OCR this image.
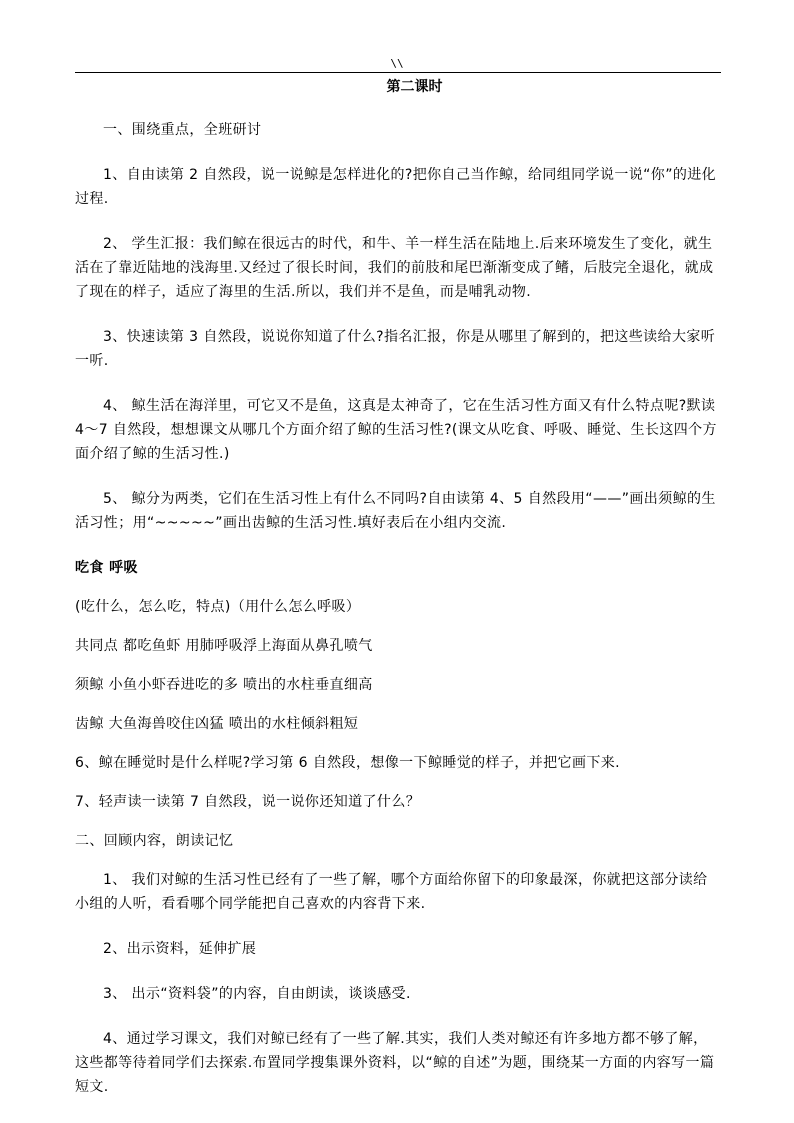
\\
第二课时

一、围绕重点，全班研讨

1、自由读第 2 自然段，说一说鲸是怎样进化的?把你自己当作鲸，给同组同学说一说“你”的进化过程.

2、 学生汇报：我们鲸在很远古的时代，和牛、羊一样生活在陆地上.后来环境发生了变化，就生活在了靠近陆地的浅海里.又经过了很长时间，我们的前肢和尾巴渐渐变成了鳍，后肢完全退化，就成了现在的样子，适应了海里的生活.所以，我们并不是鱼，而是哺乳动物.

3、快速读第 3 自然段，说说你知道了什么?指名汇报，你是从哪里了解到的，把这些读给大家听一听.

4、 鲸生活在海洋里，可它又不是鱼，这真是太神奇了，它在生活习性方面又有什么特点呢?默读 4～7 自然段，想想课文从哪几个方面介绍了鲸的生活习性?(课文从吃食、呼吸、睡觉、生长这四个方面介绍了鲸的生活习性.)

5、 鲸分为两类，它们在生活习性上有什么不同吗?自由读第 4、5 自然段用“——”画出须鲸的生活习性；用“~~~~~”画出齿鲸的生活习性.填好表后在小组内交流.

吃食 呼吸

(吃什么，怎么吃，特点)（用什么怎么呼吸）

共同点 都吃鱼虾 用肺呼吸浮上海面从鼻孔喷气

须鲸 小鱼小虾吞进吃的多 喷出的水柱垂直细高

齿鲸 大鱼海兽咬住凶猛 喷出的水柱倾斜粗短

6、鲸在睡觉时是什么样呢?学习第 6 自然段，想像一下鲸睡觉的样子，并把它画下来.

7、轻声读一读第 7 自然段，说一说你还知道了什么？

二、回顾内容，朗读记忆

1、 我们对鲸的生活习性已经有了一些了解，哪个方面给你留下的印象最深，你就把这部分读给小组的人听，看看哪个同学能把自己喜欢的内容背下来.

2、出示资料，延伸扩展

3、 出示“资料袋”的内容，自由朗读，谈谈感受.

4、通过学习课文，我们对鲸已经有了一些了解.其实，我们人类对鲸还有许多地方都不够了解，这些都等待着同学们去探索.布置同学搜集课外资料，以“鲸的自述”为题，围绕某一方面的内容写一篇短文.
